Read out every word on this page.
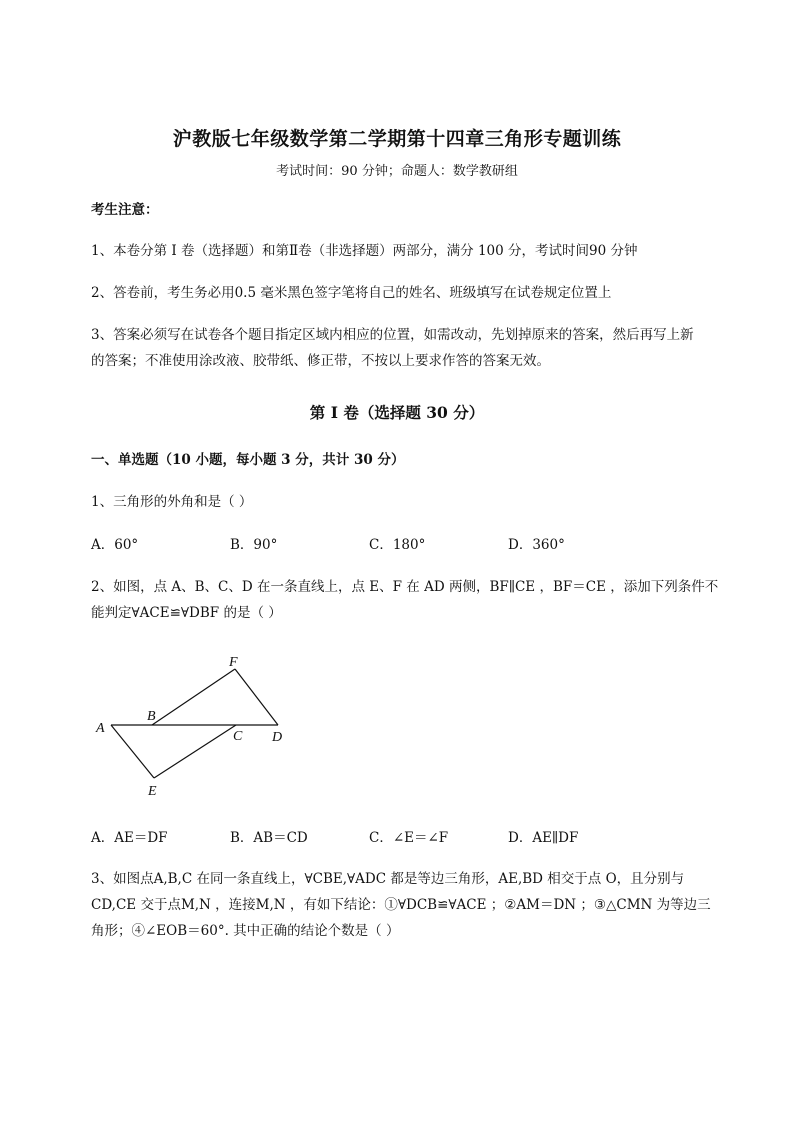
沪教版七年级数学第二学期第十四章三角形专题训练
考试时间：90 分钟；命题人：数学教研组
考生注意：
1、本卷分第 I 卷（选择题）和第Ⅱ卷（非选择题）两部分，满分 100 分，考试时间90 分钟
2、答卷前，考生务必用0.5 毫米黑色签字笔将自己的姓名、班级填写在试卷规定位置上
3、答案必须写在试卷各个题目指定区域内相应的位置，如需改动，先划掉原来的答案，然后再写上新
的答案；不准使用涂改液、胶带纸、修正带，不按以上要求作答的答案无效。
第 I 卷（选择题 30 分）
一、单选题（10 小题，每小题 3 分，共计 30 分）
1、三角形的外角和是（ ）
A．60°	B．90°	C．180°	D．360°
2、如图，点 A、B、C、D 在一条直线上，点 E、F 在 AD 两侧，BF∥CE ，BF＝CE ，添加下列条件不
能判定∀ACE≌∀DBF 的是（ ）
F
A
B
C D
E
A．AE＝DF	B．AB＝CD	C．∠E＝∠F	D．AE∥DF
3、如图点A,B,C 在同一条直线上，∀CBE,∀ADC 都是等边三角形，AE,BD 相交于点 O，且分别与
CD,CE 交于点M,N ，连接M,N ，有如下结论：①∀DCB≌∀ACE ；②AM＝DN ；③△CMN 为等边三
角形；④∠EOB＝60°. 其中正确的结论个数是（ ）
